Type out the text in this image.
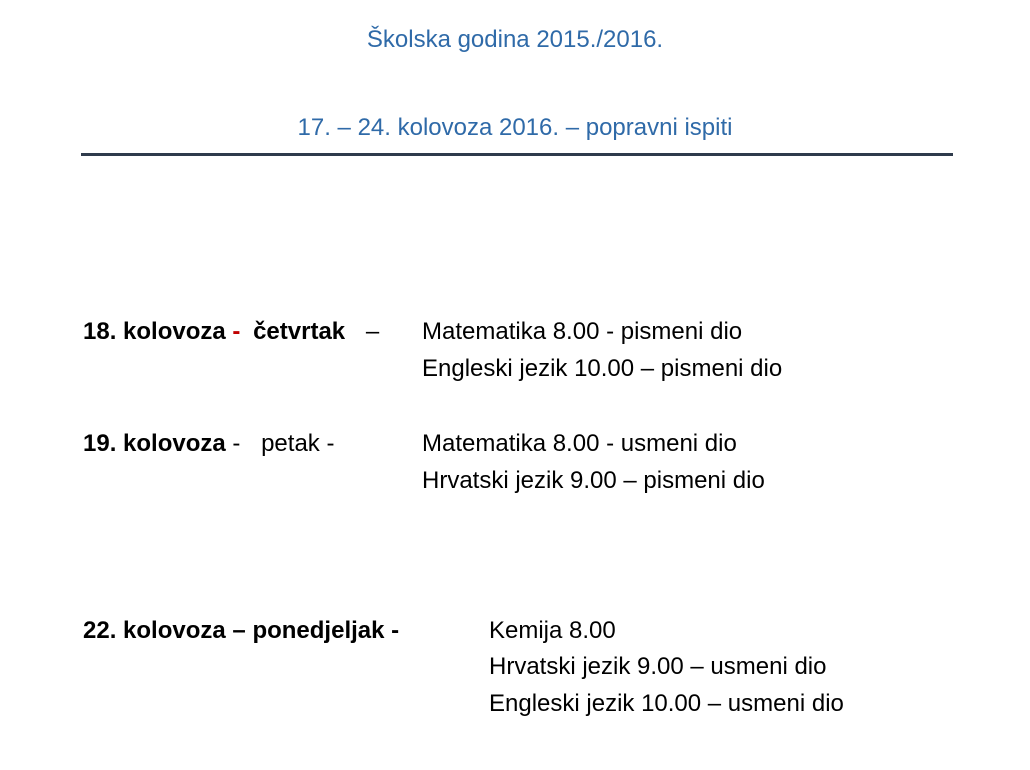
Školska godina 2015./2016.
17. – 24. kolovoza 2016. – popravni ispiti
18. kolovoza - četvrtak – Matematika 8.00 - pismeni dio
Engleski jezik 10.00 – pismeni dio
19. kolovoza - petak -	Matematika 8.00 - usmeni dio
Hrvatski jezik 9.00 – pismeni dio
22. kolovoza – ponedjeljak -	Kemija 8.00
Hrvatski jezik 9.00 – usmeni dio
Engleski jezik 10.00 – usmeni dio
